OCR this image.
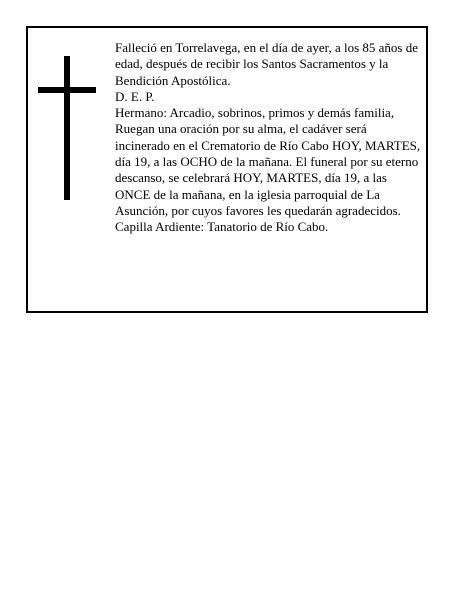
Falleció en Torrelavega, en el día de ayer, a los 85 años de edad, después de recibir los Santos Sacramentos y la Bendición Apostólica.

D. E. P.

Hermano: Arcadio, sobrinos, primos y demás familia, Ruegan una oración por su alma, el cadáver será incinerado en el Crematorio de Río Cabo HOY, MARTES, día 19, a las OCHO de la mañana. El funeral por su eterno descanso, se celebrará HOY, MARTES, día 19, a las ONCE de la mañana, en la iglesia parroquial de La Asunción, por cuyos favores les quedarán agradecidos. Capilla Ardiente: Tanatorio de Río Cabo.
